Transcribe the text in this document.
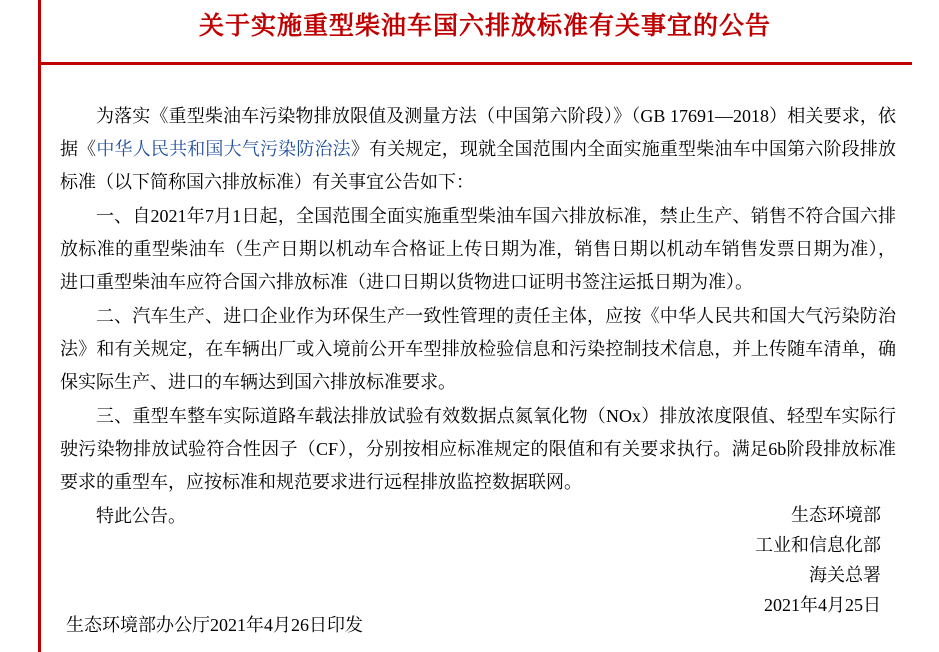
关于实施重型柴油车国六排放标准有关事宜的公告

为落实《重型柴油车污染物排放限值及测量方法（中国第六阶段）》（GB 17691—2018）相关要求，依据《中华人民共和国大气污染防治法》有关规定，现就全国范围内全面实施重型柴油车中国第六阶段排放标准（以下简称国六排放标准）有关事宜公告如下：

一、自2021年7月1日起，全国范围全面实施重型柴油车国六排放标准，禁止生产、销售不符合国六排放标准的重型柴油车（生产日期以机动车合格证上传日期为准，销售日期以机动车销售发票日期为准），进口重型柴油车应符合国六排放标准（进口日期以货物进口证明书签注运抵日期为准）。

二、汽车生产、进口企业作为环保生产一致性管理的责任主体，应按《中华人民共和国大气污染防治法》和有关规定，在车辆出厂或入境前公开车型排放检验信息和污染控制技术信息，并上传随车清单，确保实际生产、进口的车辆达到国六排放标准要求。

三、重型车整车实际道路车载法排放试验有效数据点氮氧化物（NOx）排放浓度限值、轻型车实际行驶污染物排放试验符合性因子（CF），分别按相应标准规定的限值和有关要求执行。满足6b阶段排放标准要求的重型车，应按标准和规范要求进行远程排放监控数据联网。

特此公告。	生态环境部
工业和信息化部
海关总署
2021年4月25日
生态环境部办公厅2021年4月26日印发
